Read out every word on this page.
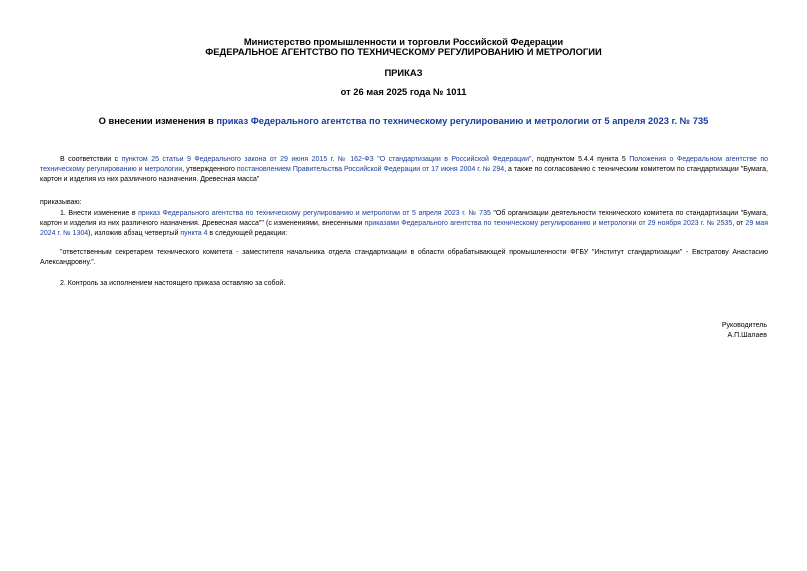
Министерство промышленности и торговли Российской Федерации
ФЕДЕРАЛЬНОЕ АГЕНТСТВО ПО ТЕХНИЧЕСКОМУ РЕГУЛИРОВАНИЮ И МЕТРОЛОГИИ
ПРИКАЗ
от 26 мая 2025 года № 1011
О внесении изменения в приказ Федерального агентства по техническому регулированию и метрологии от 5 апреля 2023 г. № 735
В соответствии с пунктом 25 статьи 9 Федерального закона от 29 июня 2015 г. № 162-ФЗ "О стандартизации в Российской Федерации", подпунктом 5.4.4 пункта 5 Положения о Федеральном агентстве по техническому регулированию и метрологии, утвержденного постановлением Правительства Российской Федерации от 17 июня 2004 г. № 294, а также по согласованию с техническим комитетом по стандартизации "Бумага, картон и изделия из них различного назначения. Древесная масса"
приказываю:
1. Внести изменение в приказ Федерального агентства по техническому регулированию и метрологии от 5 апреля 2023 г. № 735 "Об организации деятельности технического комитета по стандартизации "Бумага, картон и изделия из них различного назначения. Древесная масса"" (с изменениями, внесенными приказами Федерального агентства по техническому регулированию и метрологии от 29 ноября 2023 г. № 2535, от 29 мая 2024 г. № 1304), изложив абзац четвертый пункта 4 в следующей редакции:
"ответственным секретарем технического комитета - заместителя начальника отдела стандартизации в области обрабатывающей промышленности ФГБУ "Институт стандартизации" - Евстратову Анастасию Александровну.".
2. Контроль за исполнением настоящего приказа оставляю за собой.
Руководитель
А.П.Шалаев
